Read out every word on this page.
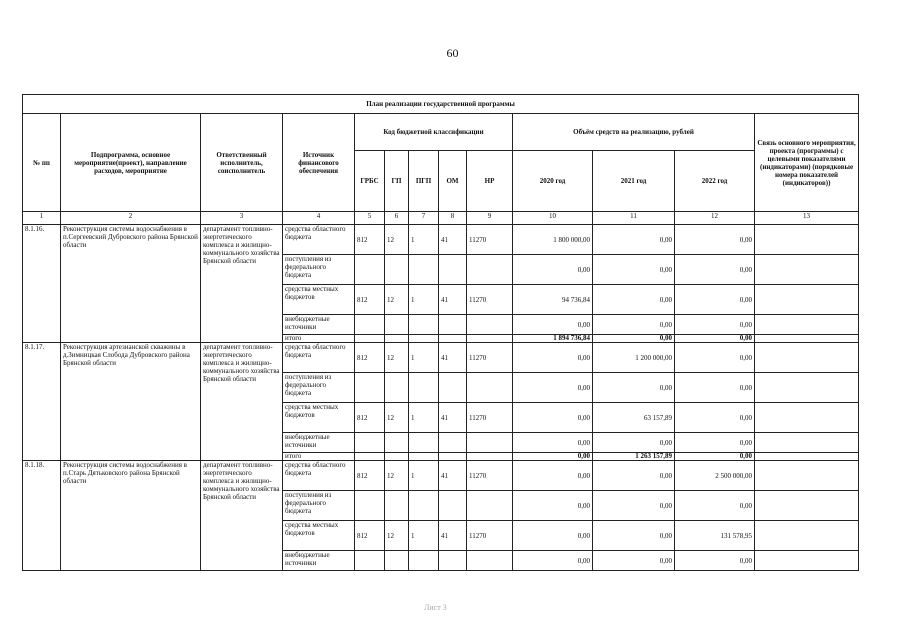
60
План реализации государственной программы												
№ пп	Подпрограмма, основное мероприятие(проект), направление расходов, мероприятие	Ответственный исполнитель, соисполнитель	Источник финансового обеспечения	Код бюджетной классификации					Объём средств на реализацию, рублей			Связь основного мероприятия, проекта (программы) с целевыми показателями (индикаторами) (порядковые номера показателей (индикаторов))
				ГРБС	ГП	ПГП	ОМ	НР	2020 год	2021 год	2022 год	
1	2	3	4	5	6	7	8	9	10	11	12	13
8.1.16.	Реконструкция системы водоснабжения в п.Сергеевский Дубровского района Брянской области	департамент топливно-энергетического комплекса и жилищно-коммунального хозяйства Брянской области	средства областного бюджета	812	12	1	41	11270	1 800 000,00	0,00	0,00	
			поступления из федерального бюджета						0,00	0,00	0,00	
			средства местных бюджетов	812	12	1	41	11270	94 736,84	0,00	0,00	
			внебюджетные источники						0,00	0,00	0,00	
			итого						1 894 736,84	0,00	0,00	
8.1.17.	Реконструкция артезианской скважины в д.Зимницкая Слобода Дубровского района Брянской области	департамент топливно-энергетического комплекса и жилищно-коммунального хозяйства Брянской области	средства областного бюджета	812	12	1	41	11270	0,00	1 200 000,00	0,00	
			поступления из федерального бюджета						0,00	0,00	0,00	
			средства местных бюджетов	812	12	1	41	11270	0,00	63 157,89	0,00	
			внебюджетные источники						0,00	0,00	0,00	
			итого						0,00	1 263 157,89	0,00	
8.1.18.	Реконструкция системы водоснабжения в п.Старь Дятьковского района Брянской области	департамент топливно-энергетического комплекса и жилищно-коммунального хозяйства Брянской области	средства областного бюджета	812	12	1	41	11270	0,00	0,00	2 500 000,00	
			поступления из федерального бюджета						0,00	0,00	0,00	
			средства местных бюджетов	812	12	1	41	11270	0,00	0,00	131 578,95	
			внебюджетные источники						0,00	0,00	0,00	
Лист 3
